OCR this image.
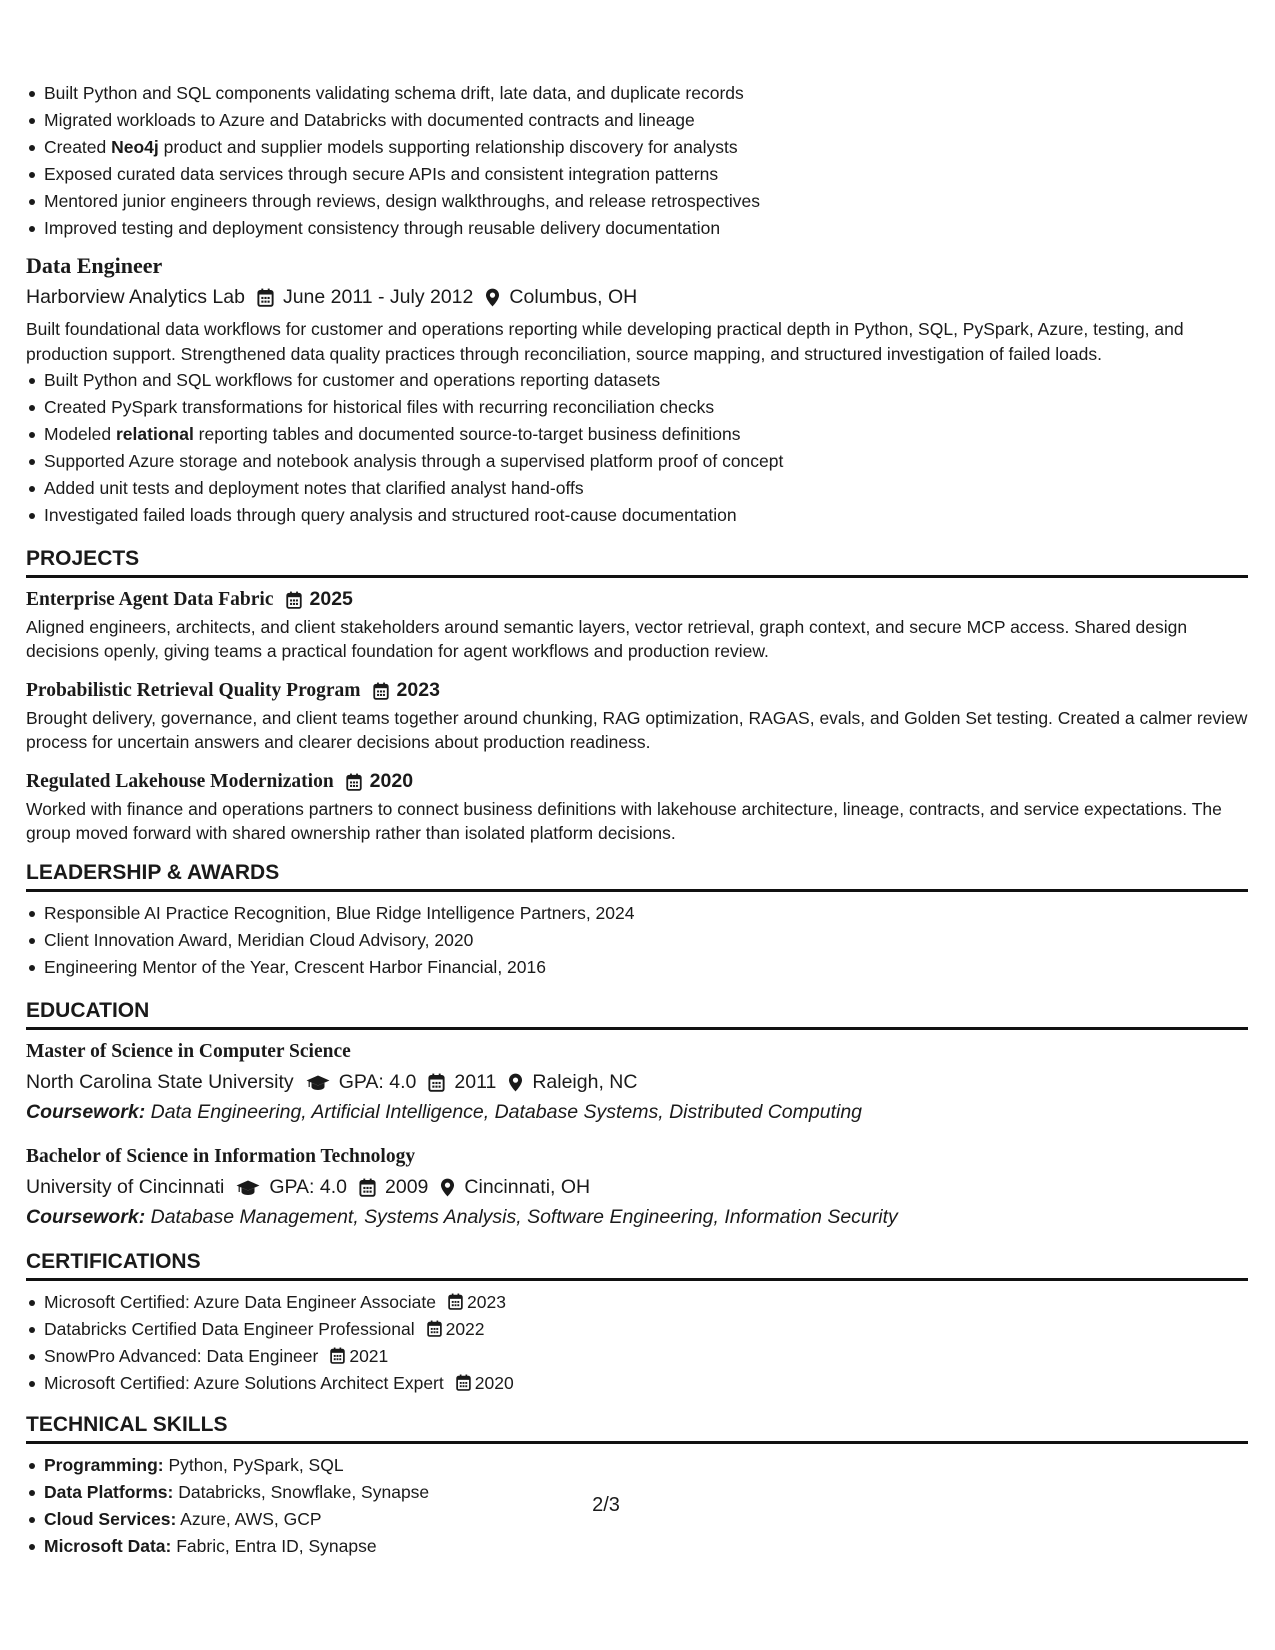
Built Python and SQL components validating schema drift, late data, and duplicate records
Migrated workloads to Azure and Databricks with documented contracts and lineage
Created Neo4j product and supplier models supporting relationship discovery for analysts
Exposed curated data services through secure APIs and consistent integration patterns
Mentored junior engineers through reviews, design walkthroughs, and release retrospectives
Improved testing and deployment consistency through reusable delivery documentation
Data Engineer
Harborview Analytics Lab June 2011 - July 2012 Columbus, OH
Built foundational data workflows for customer and operations reporting while developing practical depth in Python, SQL, PySpark, Azure, testing, and production support. Strengthened data quality practices through reconciliation, source mapping, and structured investigation of failed loads.
Built Python and SQL workflows for customer and operations reporting datasets
Created PySpark transformations for historical files with recurring reconciliation checks
Modeled relational reporting tables and documented source-to-target business definitions
Supported Azure storage and notebook analysis through a supervised platform proof of concept
Added unit tests and deployment notes that clarified analyst hand-offs
Investigated failed loads through query analysis and structured root-cause documentation
PROJECTS
Enterprise Agent Data Fabric 2025
Aligned engineers, architects, and client stakeholders around semantic layers, vector retrieval, graph context, and secure MCP access. Shared design decisions openly, giving teams a practical foundation for agent workflows and production review.
Probabilistic Retrieval Quality Program 2023
Brought delivery, governance, and client teams together around chunking, RAG optimization, RAGAS, evals, and Golden Set testing. Created a calmer review process for uncertain answers and clearer decisions about production readiness.
Regulated Lakehouse Modernization 2020
Worked with finance and operations partners to connect business definitions with lakehouse architecture, lineage, contracts, and service expectations. The group moved forward with shared ownership rather than isolated platform decisions.
LEADERSHIP & AWARDS
Responsible AI Practice Recognition, Blue Ridge Intelligence Partners, 2024
Client Innovation Award, Meridian Cloud Advisory, 2020
Engineering Mentor of the Year, Crescent Harbor Financial, 2016
EDUCATION
Master of Science in Computer Science
North Carolina State University GPA: 4.0 2011 Raleigh, NC
Coursework: Data Engineering, Artificial Intelligence, Database Systems, Distributed Computing
Bachelor of Science in Information Technology
University of Cincinnati GPA: 4.0 2009 Cincinnati, OH
Coursework: Database Management, Systems Analysis, Software Engineering, Information Security
CERTIFICATIONS
Microsoft Certified: Azure Data Engineer Associate 2023
Databricks Certified Data Engineer Professional 2022
SnowPro Advanced: Data Engineer 2021
Microsoft Certified: Azure Solutions Architect Expert 2020
TECHNICAL SKILLS
Programming: Python, PySpark, SQL
Data Platforms: Databricks, Snowflake, Synapse
Cloud Services: Azure, AWS, GCP
Microsoft Data: Fabric, Entra ID, Synapse
2/3
